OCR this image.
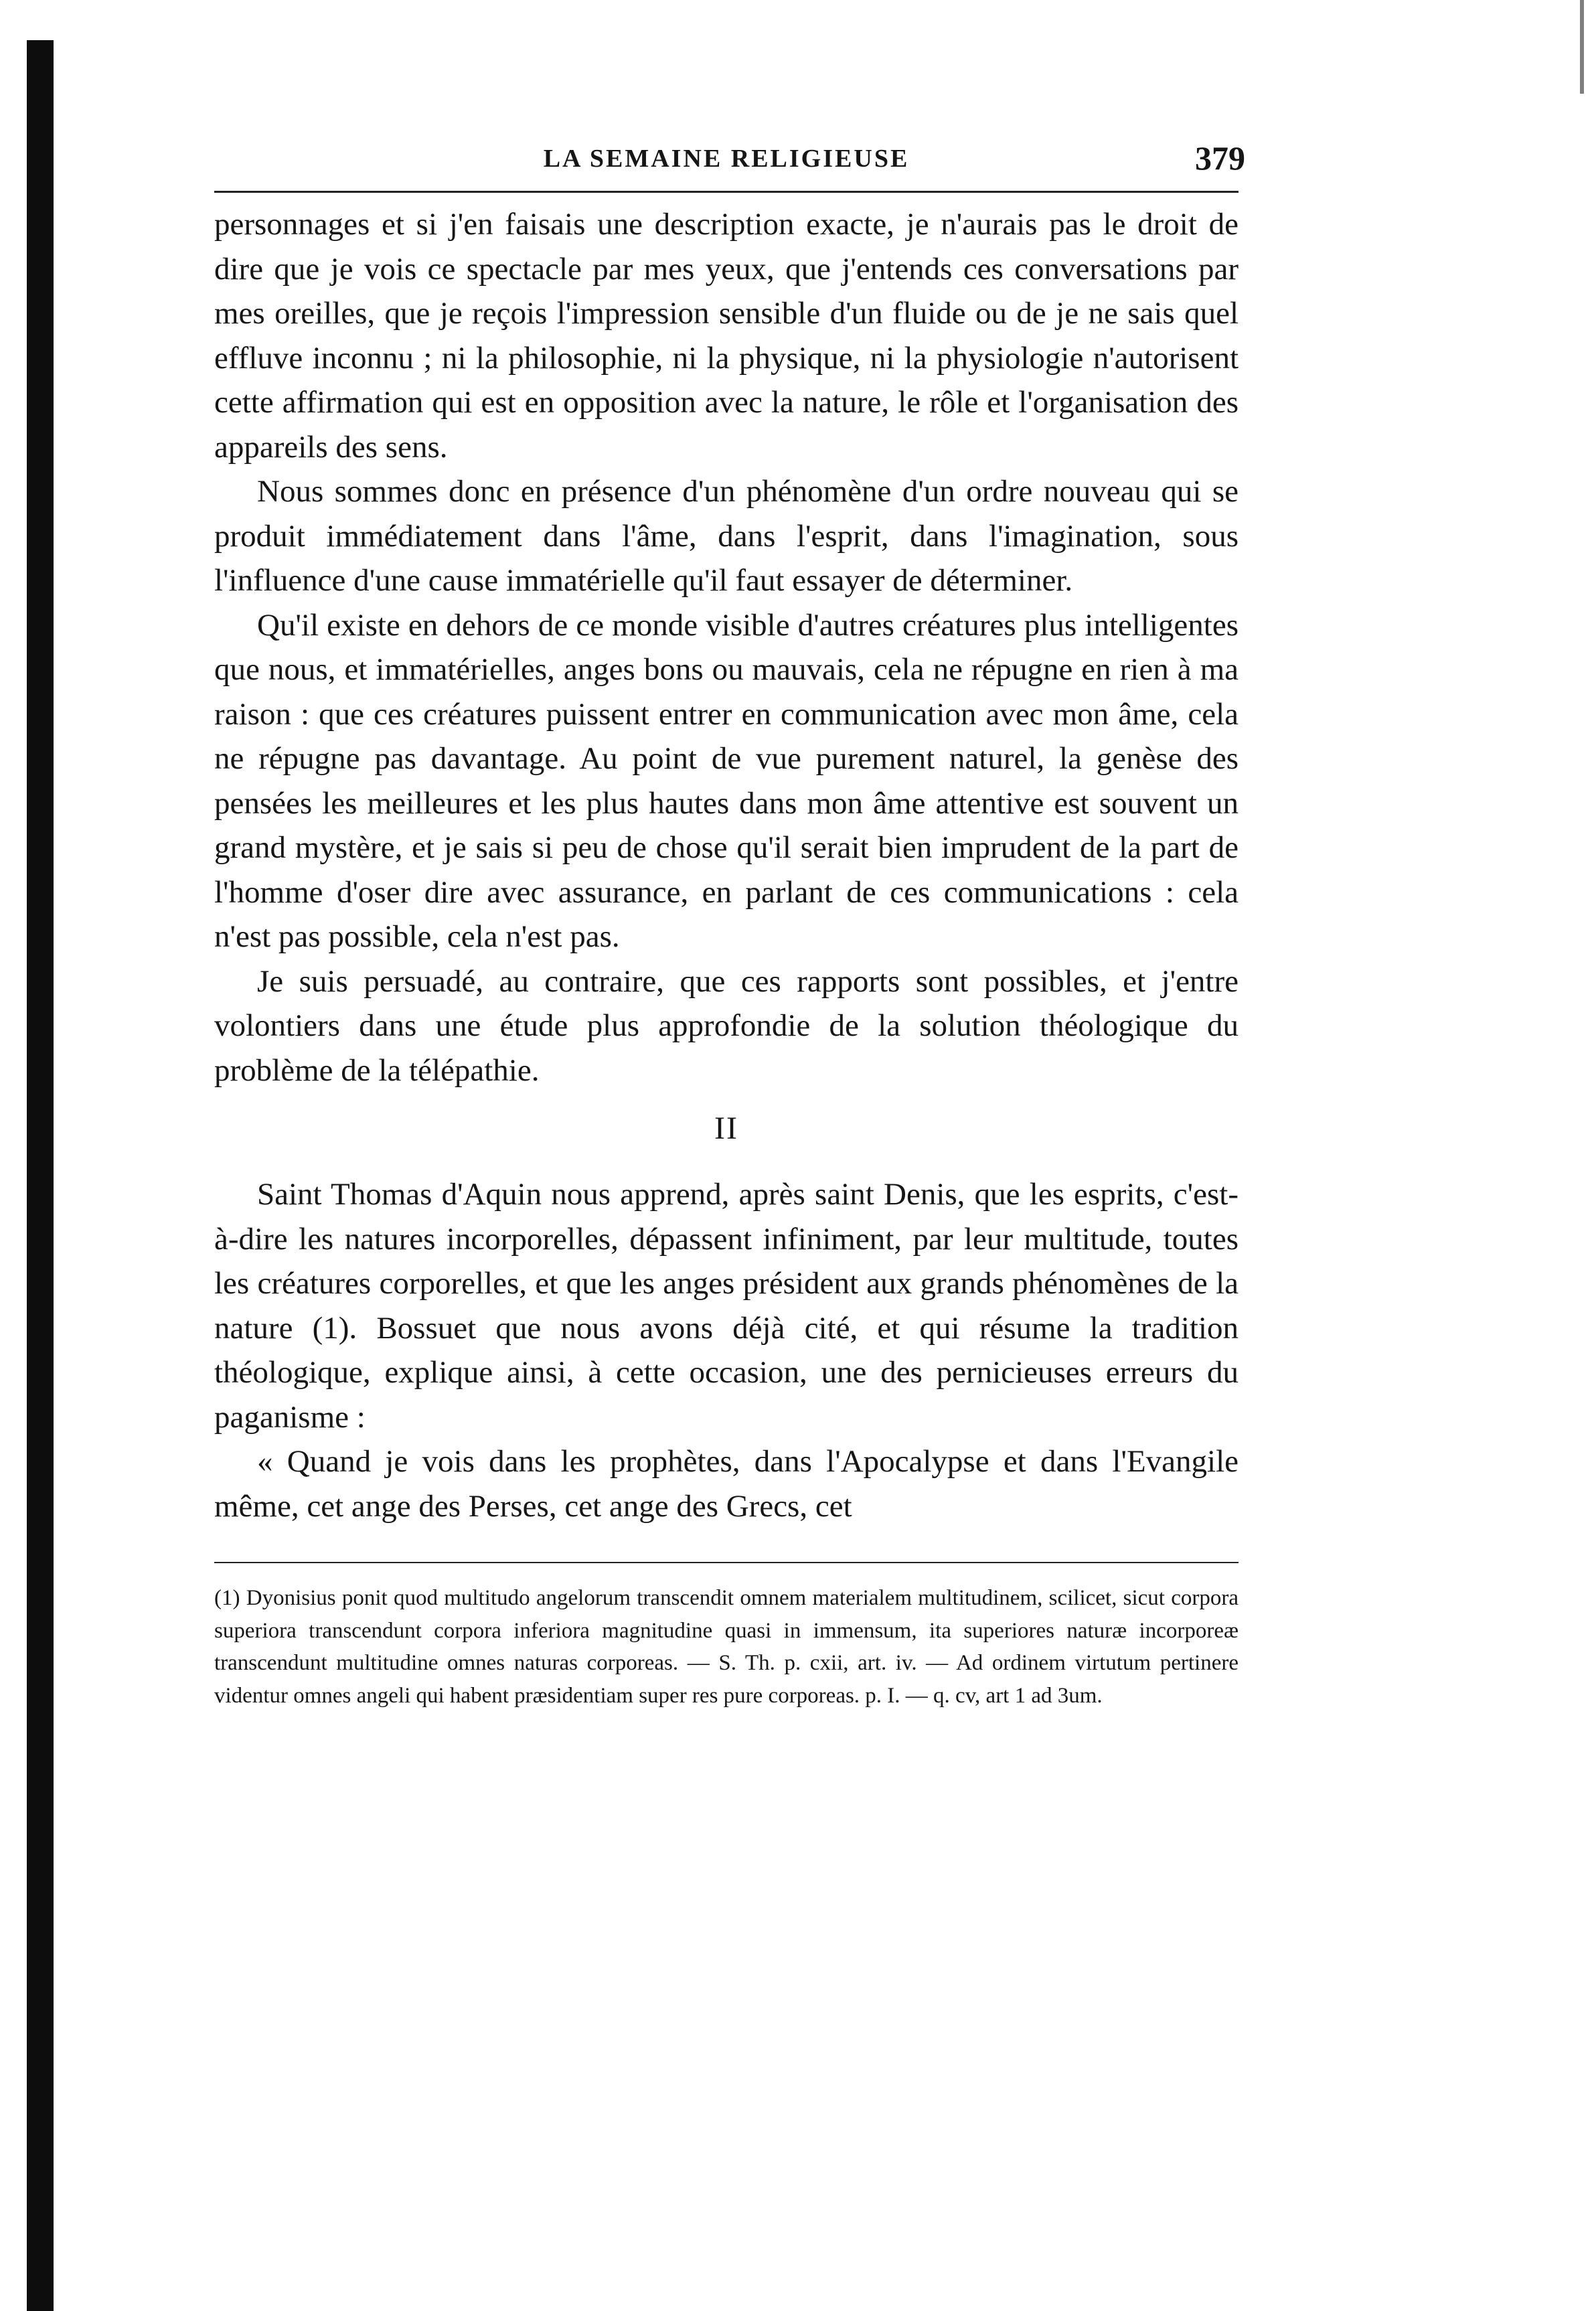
LA SEMAINE RELIGIEUSE	379

personnages et si j'en faisais une description exacte, je n'aurais pas le droit de dire que je vois ce spectacle par mes yeux, que j'entends ces conversations par mes oreilles, que je reçois l'impression sensible d'un fluide ou de je ne sais quel effluve inconnu ; ni la philosophie, ni la physique, ni la physiologie n'autorisent cette affirmation qui est en opposition avec la nature, le rôle et l'organisation des appareils des sens.

Nous sommes donc en présence d'un phénomène d'un ordre nouveau qui se produit immédiatement dans l'âme, dans l'esprit, dans l'imagination, sous l'influence d'une cause immatérielle qu'il faut essayer de déterminer.

Qu'il existe en dehors de ce monde visible d'autres créatures plus intelligentes que nous, et immatérielles, anges bons ou mauvais, cela ne répugne en rien à ma raison : que ces créatures puissent entrer en communication avec mon âme, cela ne répugne pas davantage. Au point de vue purement naturel, la genèse des pensées les meilleures et les plus hautes dans mon âme attentive est souvent un grand mystère, et je sais si peu de chose qu'il serait bien imprudent de la part de l'homme d'oser dire avec assurance, en parlant de ces communications : cela n'est pas possible, cela n'est pas.

Je suis persuadé, au contraire, que ces rapports sont possibles, et j'entre volontiers dans une étude plus approfondie de la solution théologique du problème de la télépathie.

II

Saint Thomas d'Aquin nous apprend, après saint Denis, que les esprits, c'est-à-dire les natures incorporelles, dépassent infiniment, par leur multitude, toutes les créatures corporelles, et que les anges président aux grands phénomènes de la nature (1). Bossuet que nous avons déjà cité, et qui résume la tradition théologique, explique ainsi, à cette occasion, une des pernicieuses erreurs du paganisme :

« Quand je vois dans les prophètes, dans l'Apocalypse et dans l'Evangile même, cet ange des Perses, cet ange des Grecs, cet

(1) Dyonisius ponit quod multitudo angelorum transcendit omnem materialem multitudinem, scilicet, sicut corpora superiora transcendunt corpora inferiora magnitudine quasi in immensum, ita superiores naturæ incorporeæ transcendunt multitudine omnes naturas corporeas. — S. Th. p. cxii, art. iv. — Ad ordinem virtutum pertinere videntur omnes angeli qui habent præsidentiam super res pure corporeas. p. I. — q. cv, art 1 ad 3um.
